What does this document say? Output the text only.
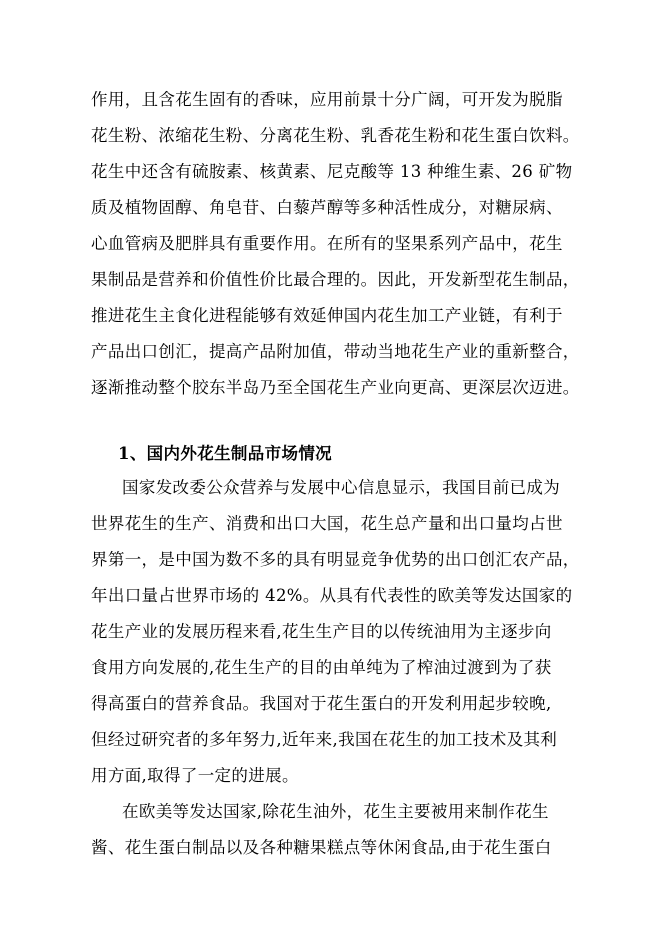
作用，且含花生固有的香味，应用前景十分广阔，可开发为脱脂
花生粉、浓缩花生粉、分离花生粉、乳香花生粉和花生蛋白饮料。
花生中还含有硫胺素、核黄素、尼克酸等 13 种维生素、26 矿物
质及植物固醇、角皂苷、白藜芦醇等多种活性成分，对糖尿病、
心血管病及肥胖具有重要作用。在所有的坚果系列产品中，花生
果制品是营养和价值性价比最合理的。因此，开发新型花生制品，
推进花生主食化进程能够有效延伸国内花生加工产业链，有利于
产品出口创汇，提高产品附加值，带动当地花生产业的重新整合，
逐渐推动整个胶东半岛乃至全国花生产业向更高、更深层次迈进。
1、国内外花生制品市场情况
国家发改委公众营养与发展中心信息显示，我国目前已成为
世界花生的生产、消费和出口大国，花生总产量和出口量均占世
界第一，是中国为数不多的具有明显竞争优势的出口创汇农产品，
年出口量占世界市场的 42%。从具有代表性的欧美等发达国家的
花生产业的发展历程来看,花生生产目的以传统油用为主逐步向
食用方向发展的,花生生产的目的由单纯为了榨油过渡到为了获
得高蛋白的营养食品。我国对于花生蛋白的开发利用起步较晚,
但经过研究者的多年努力,近年来,我国在花生的加工技术及其利
用方面,取得了一定的进展。
在欧美等发达国家,除花生油外，花生主要被用来制作花生
酱、花生蛋白制品以及各种糖果糕点等休闲食品,由于花生蛋白
